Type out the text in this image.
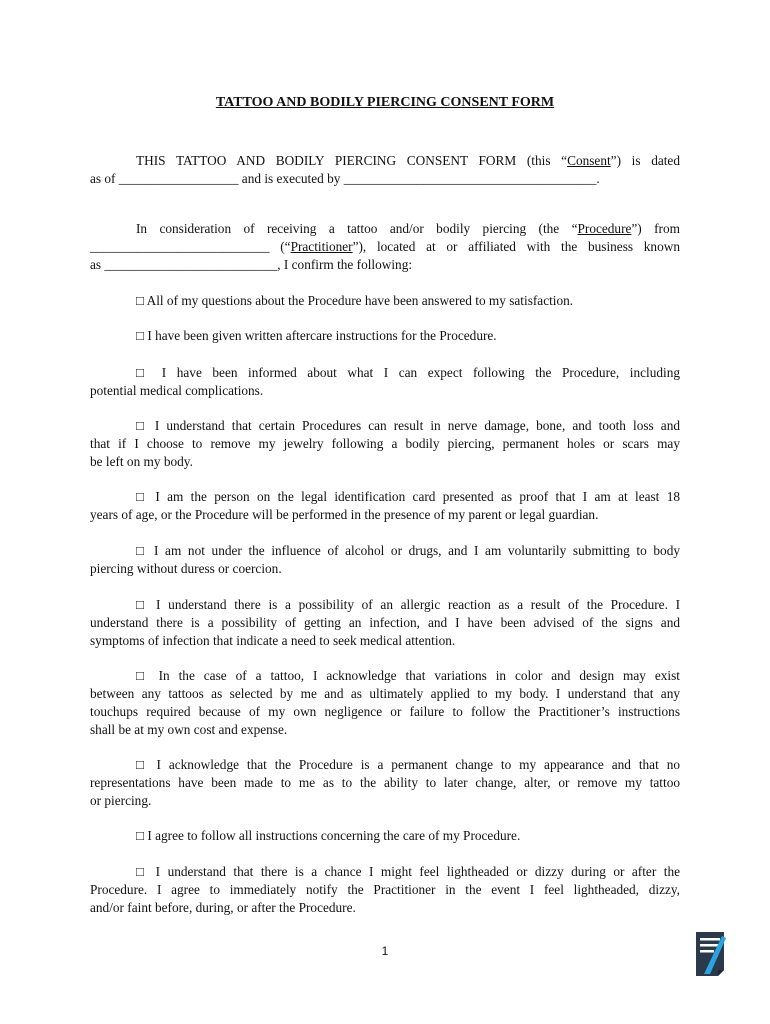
TATTOO AND BODILY PIERCING CONSENT FORM
THIS TATTOO AND BODILY PIERCING CONSENT FORM (this “Consent”) is dated
as of __________________ and is executed by ______________________________________.
In consideration of receiving a tattoo and/or bodily piercing (the “Procedure”) from
___________________________ (“Practitioner”), located at or affiliated with the business known
as __________________________, I confirm the following:
□ All of my questions about the Procedure have been answered to my satisfaction.
□ I have been given written aftercare instructions for the Procedure.
□ I have been informed about what I can expect following the Procedure, including
potential medical complications.
□ I understand that certain Procedures can result in nerve damage, bone, and tooth loss and
that if I choose to remove my jewelry following a bodily piercing, permanent holes or scars may
be left on my body.
□ I am the person on the legal identification card presented as proof that I am at least 18
years of age, or the Procedure will be performed in the presence of my parent or legal guardian.
□ I am not under the influence of alcohol or drugs, and I am voluntarily submitting to body
piercing without duress or coercion.
□ I understand there is a possibility of an allergic reaction as a result of the Procedure. I
understand there is a possibility of getting an infection, and I have been advised of the signs and
symptoms of infection that indicate a need to seek medical attention.
□ In the case of a tattoo, I acknowledge that variations in color and design may exist
between any tattoos as selected by me and as ultimately applied to my body. I understand that any
touchups required because of my own negligence or failure to follow the Practitioner’s instructions
shall be at my own cost and expense.
□ I acknowledge that the Procedure is a permanent change to my appearance and that no
representations have been made to me as to the ability to later change, alter, or remove my tattoo
or piercing.
□ I agree to follow all instructions concerning the care of my Procedure.
□ I understand that there is a chance I might feel lightheaded or dizzy during or after the
Procedure. I agree to immediately notify the Practitioner in the event I feel lightheaded, dizzy,
and/or faint before, during, or after the Procedure.
1
